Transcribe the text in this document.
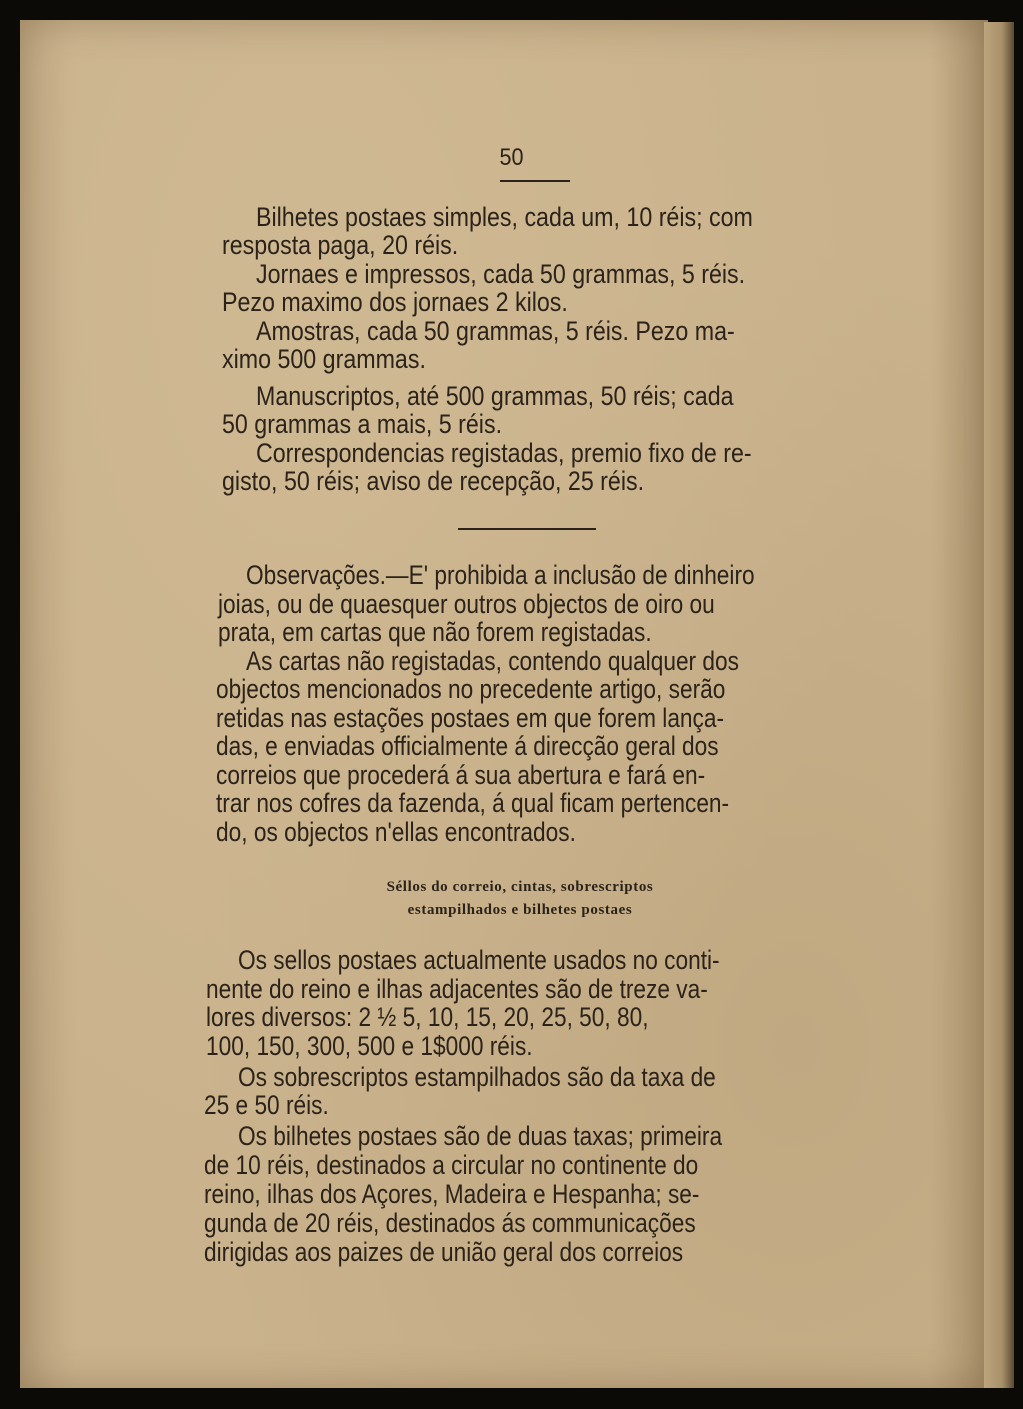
50
Bilhetes postaes simples, cada um, 10 réis; com
resposta paga, 20 réis.
Jornaes e impressos, cada 50 grammas, 5 réis.
Pezo maximo dos jornaes 2 kilos.
Amostras, cada 50 grammas, 5 réis. Pezo ma-
ximo 500 grammas.
Manuscriptos, até 500 grammas, 50 réis; cada
50 grammas a mais, 5 réis.
Correspondencias registadas, premio fixo de re-
gisto, 50 réis; aviso de recepção, 25 réis.
Observações.—E' prohibida a inclusão de dinheiro
joias, ou de quaesquer outros objectos de oiro ou
prata, em cartas que não forem registadas.
As cartas não registadas, contendo qualquer dos
objectos mencionados no precedente artigo, serão
retidas nas estações postaes em que forem lança-
das, e enviadas officialmente á direcção geral dos
correios que procederá á sua abertura e fará en-
trar nos cofres da fazenda, á qual ficam pertencen-
do, os objectos n'ellas encontrados.
Séllos do correio, cintas, sobrescriptos
estampilhados e bilhetes postaes
Os sellos postaes actualmente usados no conti-
nente do reino e ilhas adjacentes são de treze va-
lores diversos: 2 ½ 5, 10, 15, 20, 25, 50, 80,
100, 150, 300, 500 e 1$000 réis.
Os sobrescriptos estampilhados são da taxa de
25 e 50 réis.
Os bilhetes postaes são de duas taxas; primeira
de 10 réis, destinados a circular no continente do
reino, ilhas dos Açores, Madeira e Hespanha; se-
gunda de 20 réis, destinados ás communicações
dirigidas aos paizes de união geral dos correios
